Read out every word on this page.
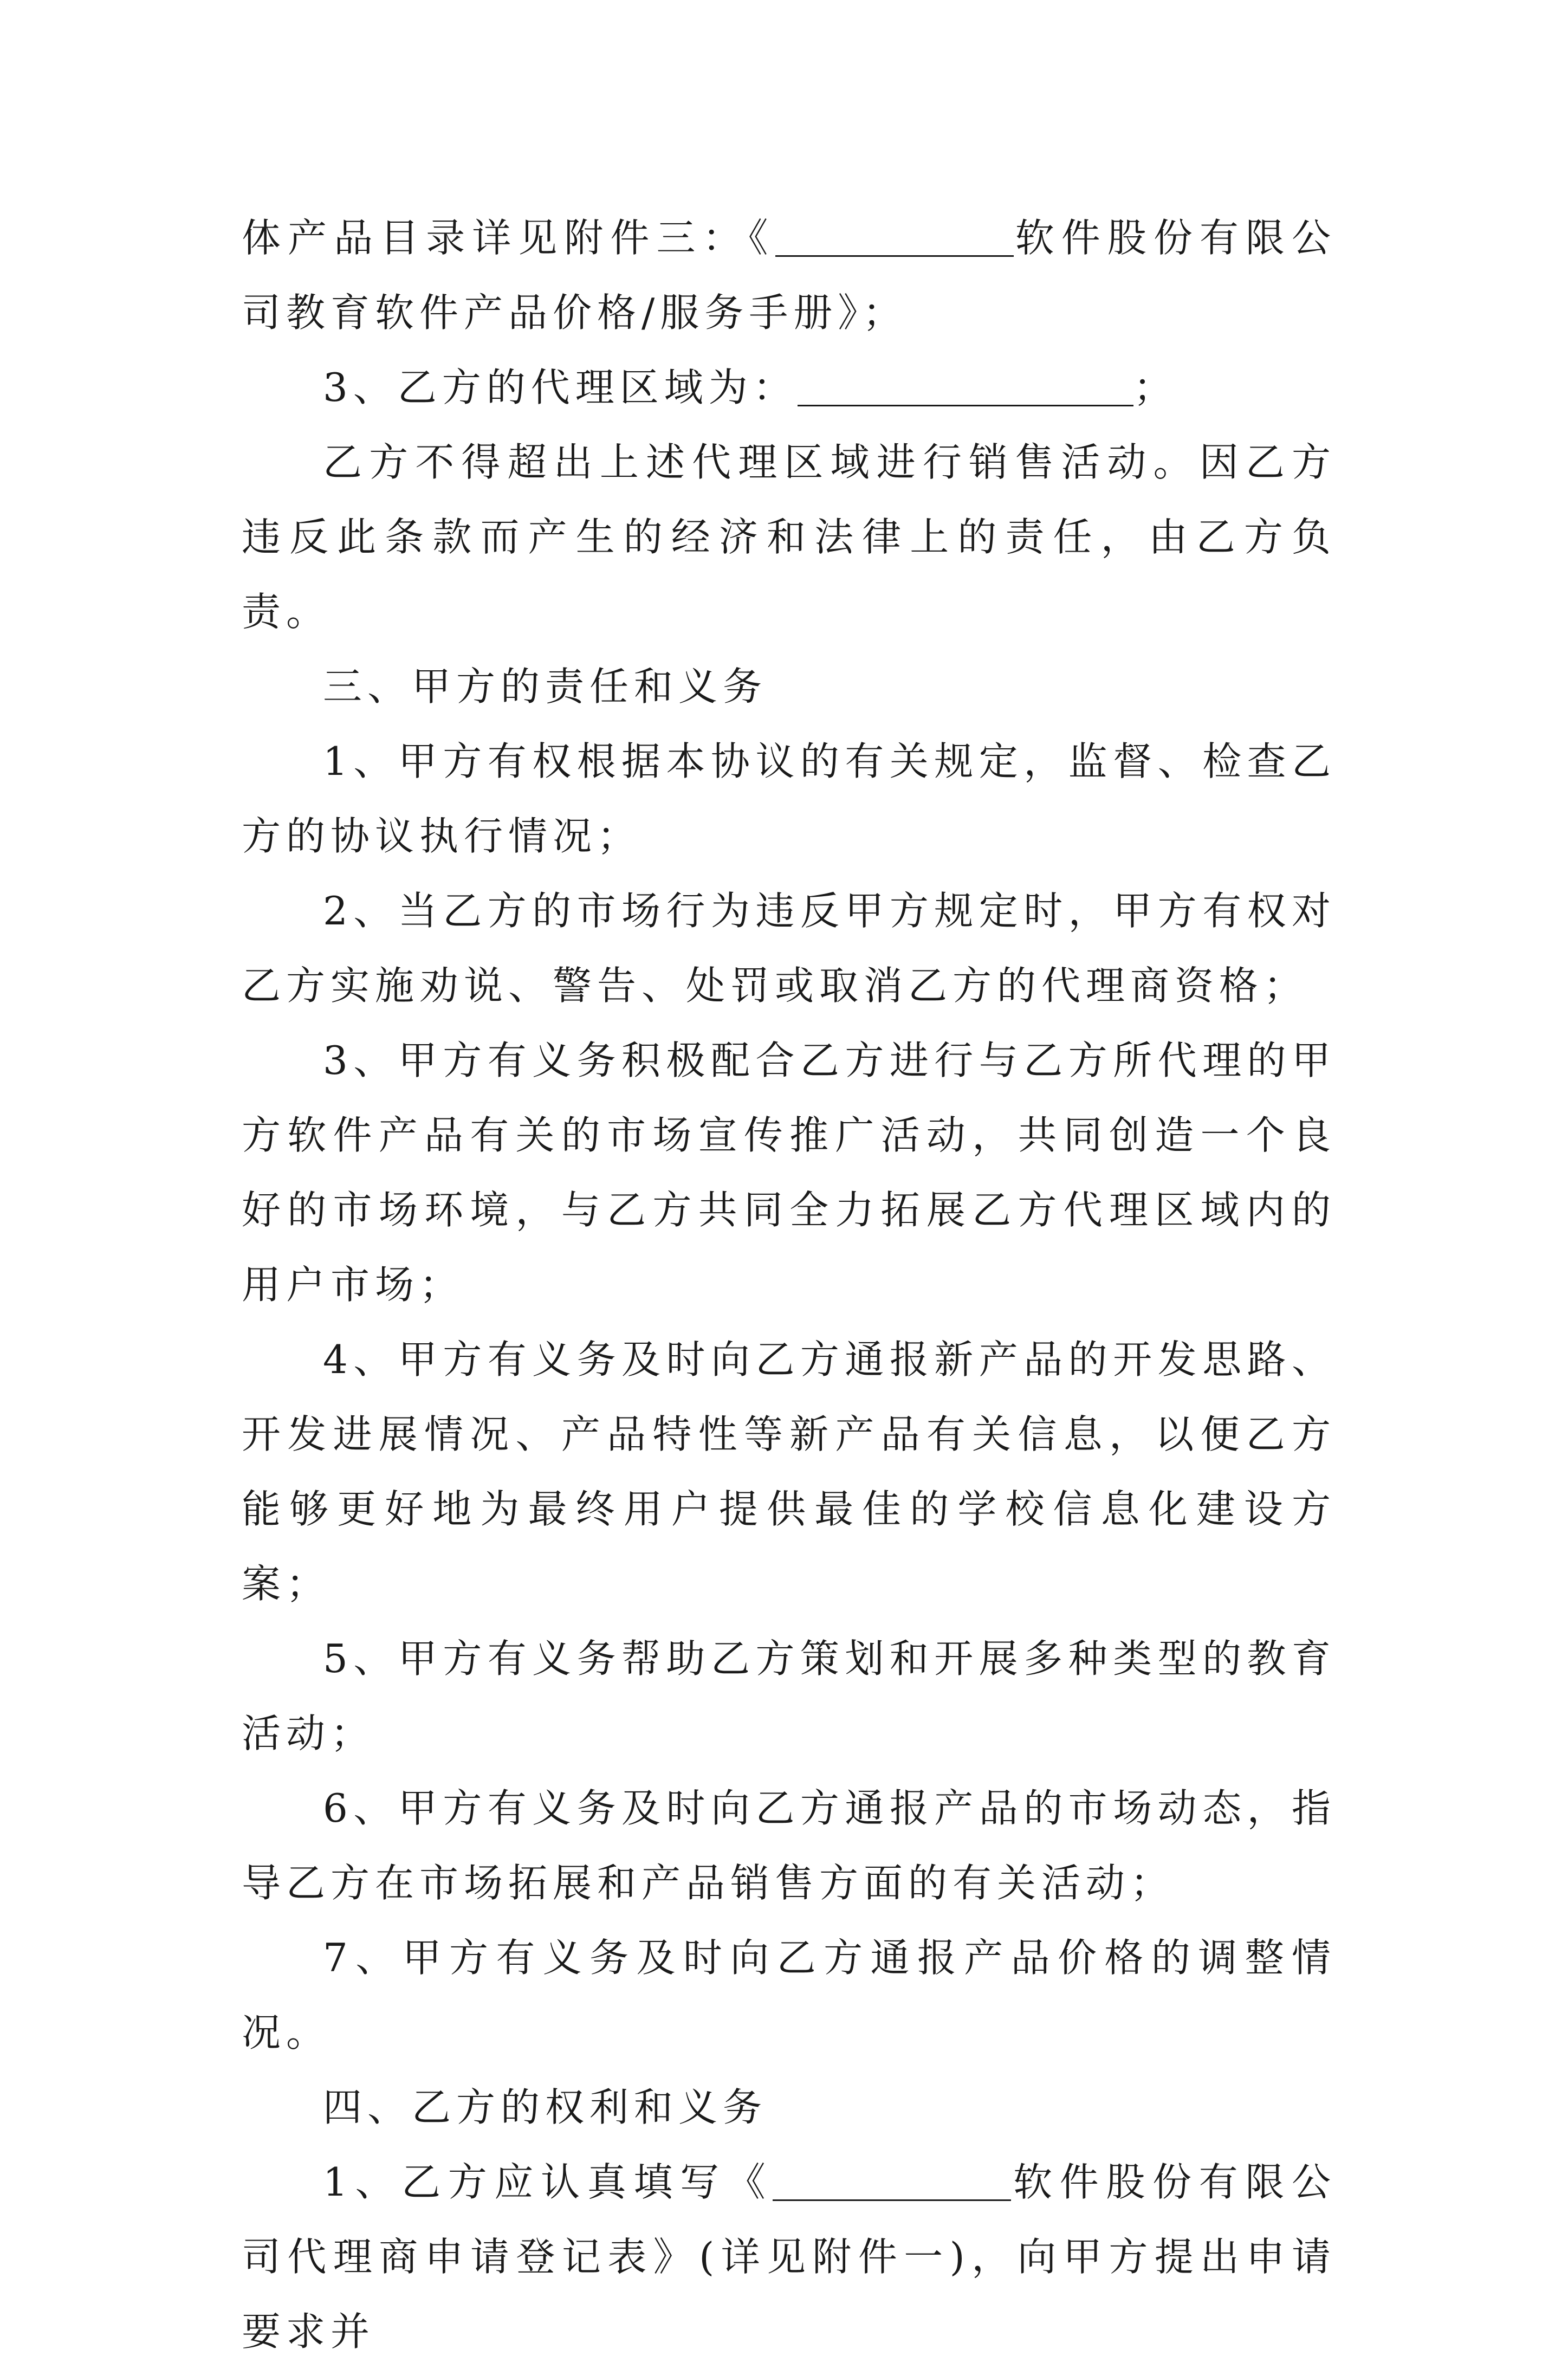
体产品目录详见附件三：《	软件股份有限公司教育软件产品价格/服务手册》；

3、乙方的代理区域为：	；

乙方不得超出上述代理区域进行销售活动。因乙方违反此条款而产生的经济和法律上的责任，由乙方负责。

三、甲方的责任和义务

1、甲方有权根据本协议的有关规定，监督、检查乙方的协议执行情况；

2、当乙方的市场行为违反甲方规定时，甲方有权对乙方实施劝说、警告、处罚或取消乙方的代理商资格；

3、甲方有义务积极配合乙方进行与乙方所代理的甲方软件产品有关的市场宣传推广活动，共同创造一个良好的市场环境，与乙方共同全力拓展乙方代理区域内的用户市场；

4、甲方有义务及时向乙方通报新产品的开发思路、开发进展情况、产品特性等新产品有关信息，以便乙方能够更好地为最终用户提供最佳的学校信息化建设方案；

5、甲方有义务帮助乙方策划和开展多种类型的教育活动；

6、甲方有义务及时向乙方通报产品的市场动态，指导乙方在市场拓展和产品销售方面的有关活动；

7、甲方有义务及时向乙方通报产品价格的调整情况。

四、乙方的权利和义务

1、乙方应认真填写《	软件股份有限公司代理商申请登记表》(详见附件一)，向甲方提出申请要求并
